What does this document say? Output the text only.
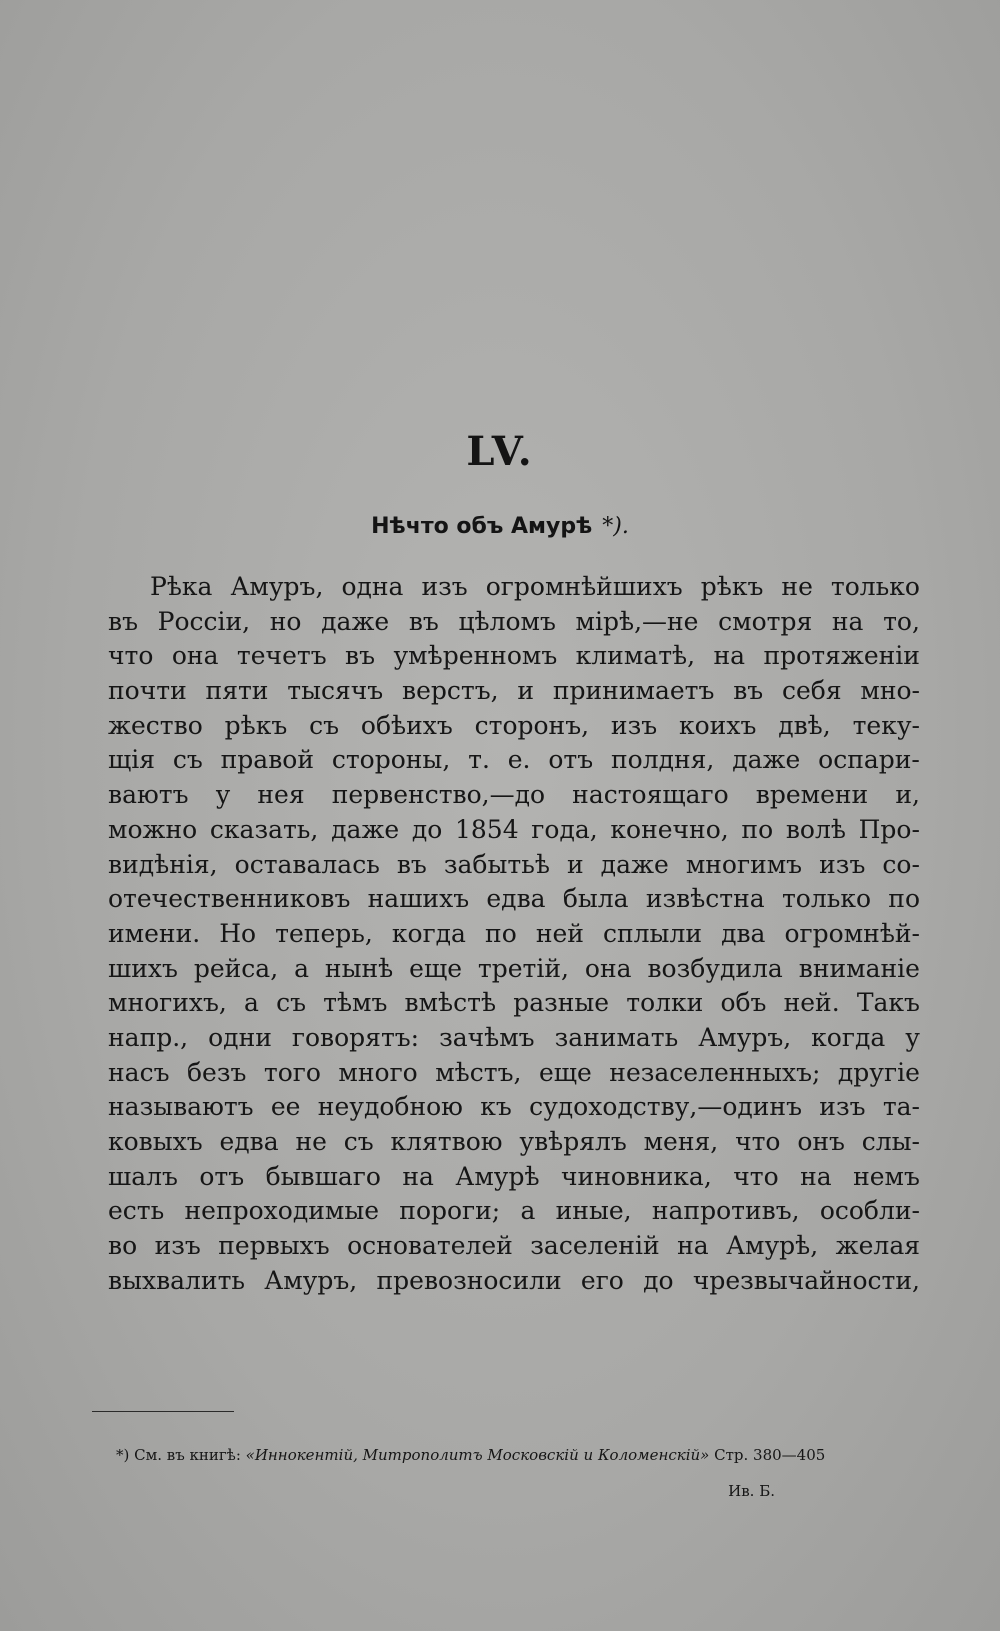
LV.
Нѣчто объ Амурѣ *).
Рѣка Амуръ, одна изъ огромнѣйшихъ рѣкъ не только
въ Россіи, но даже въ цѣломъ мірѣ,—не смотря на то,
что она течетъ въ умѣренномъ климатѣ, на протяженіи
почти пяти тысячъ верстъ, и принимаетъ въ себя мно-
жество рѣкъ съ обѣихъ сторонъ, изъ коихъ двѣ, теку-
щія съ правой стороны, т. е. отъ полдня, даже оспари-
ваютъ у нея первенство,—до настоящаго времени и,
можно сказать, даже до 1854 года, конечно, по волѣ Про-
видѣнія, оставалась въ забытьѣ и даже многимъ изъ со-
отечественниковъ нашихъ едва была извѣстна только по
имени. Но теперь, когда по ней сплыли два огромнѣй-
шихъ рейса, а нынѣ еще третій, она возбудила вниманіе
многихъ, а съ тѣмъ вмѣстѣ разные толки объ ней. Такъ
напр., одни говорятъ: зачѣмъ занимать Амуръ, когда у
насъ безъ того много мѣстъ, еще незаселенныхъ; другіе
называютъ ее неудобною къ судоходству,—одинъ изъ та-
ковыхъ едва не съ клятвою увѣрялъ меня, что онъ слы-
шалъ отъ бывшаго на Амурѣ чиновника, что на немъ
есть непроходимые пороги; а иные, напротивъ, особли-
во изъ первыхъ основателей заселеній на Амурѣ, желая
выхвалить Амуръ, превозносили его до чрезвычайности,
*) См. въ книгѣ: «Иннокентій, Митрополитъ Московскій и Коломенскій» Стр. 380—405
Ив. Б.
